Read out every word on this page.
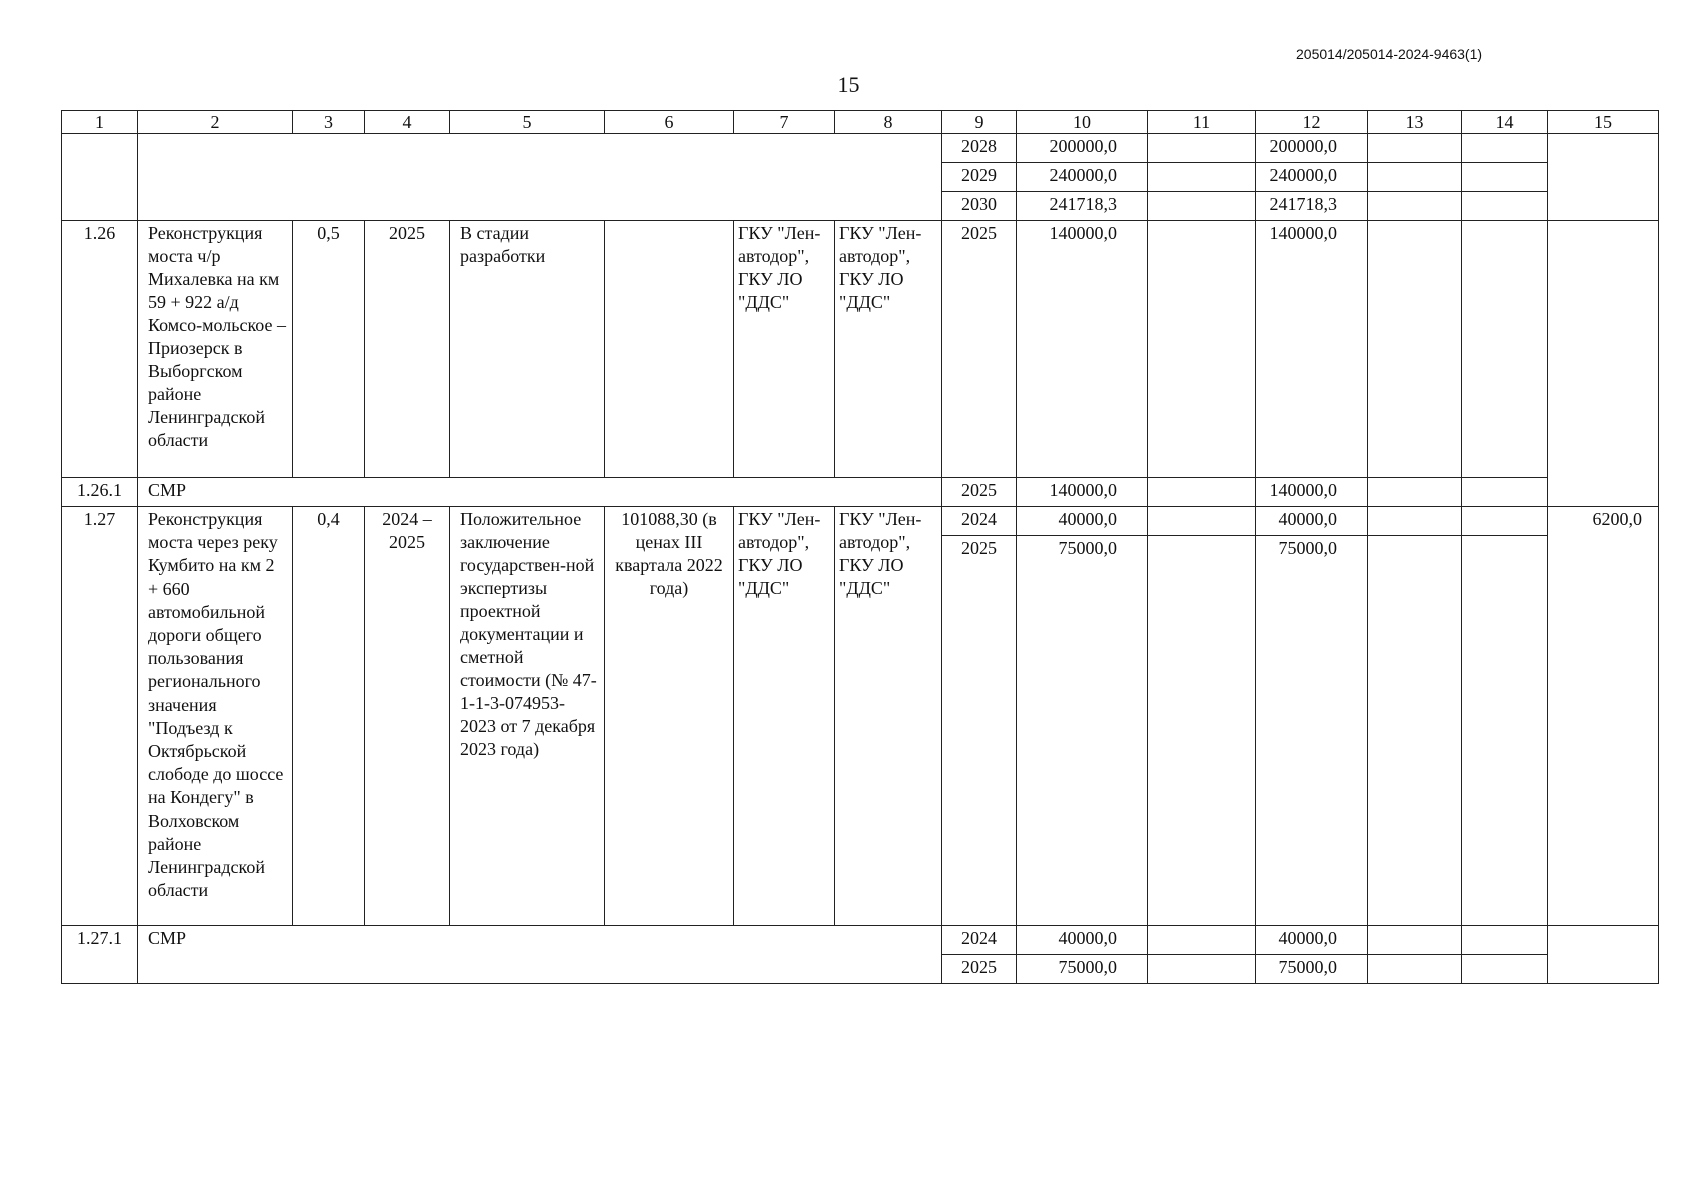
205014/205014-2024-9463(1)
15
1	2	3	4	5	6	7	8	9	10	11	12	13	14	15
								2028	200000,0		200000,0			
								2029	240000,0		240000,0			
								2030	241718,3		241718,3			
1.26	Реконструкция моста ч/р Михалевка на км 59 + 922 а/д Комсо-мольское – Приозерск в Выборгском районе Ленинградской области	0,5	2025	В стадии разработки		ГКУ "Лен-автодор", ГКУ ЛО "ДДС"	ГКУ "Лен-автодор", ГКУ ЛО "ДДС"	2025	140000,0		140000,0			
1.26.1	СМР							2025	140000,0		140000,0			
1.27	Реконструкция моста через реку Кумбито на км 2 + 660 автомобильной дороги общего пользования регионального значения "Подъезд к Октябрьской слободе до шоссе на Кондегу" в Волховском районе Ленинградской области	0,4	2024 – 2025	Положительное заключение государствен-ной экспертизы проектной документации и сметной стоимости (№ 47-1-1-3-074953-2023 от 7 декабря 2023 года)	101088,30 (в ценах III квартала 2022 года)	ГКУ "Лен-автодор", ГКУ ЛО "ДДС"	ГКУ "Лен-автодор", ГКУ ЛО "ДДС"	2024	40000,0		40000,0			6200,0
								2025	75000,0		75000,0			
1.27.1	СМР							2024	40000,0		40000,0			
								2025	75000,0		75000,0			
